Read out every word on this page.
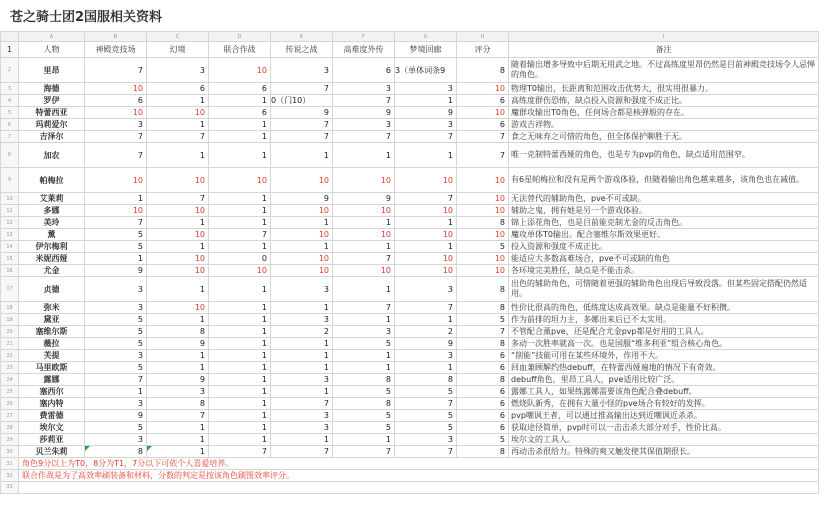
苍之骑士团2国服相关资料
	A	B	C	D	E	F	G	H	I
1	人物	神殿竞技场	幻境	联合作战	传说之战	高难度外传	梦境回廊	评分	备注
2	里昂	7	3	10	3	6	3（单体词条9	8	随着输出增多导致中后期无用武之地。不过高练度里昂仍然是目前神殿竞技场令人忌惮的角色。
3	海德	10	6	6	7	3	3	10	物理T0输出，长距离和范围攻击优势大，很实用很暴力。
4	罗伊	6	1	1	0（门10）	7	1	6	高练度群伤恐怖，缺点投入资源和强度不成正比。
5	特蕾西亚	10	10	6	9	9	9	10	魔群攻输出T0角色，任何场合都是核弹般的存在。
6	玛莉爱尔	3	1	1	7	3	3	6	游戏吉祥物。
7	吉泽尔	7	7	1	7	7	7	7	食之无味弃之可惜的角色，但全体保护聊胜于无。
8	加农	7	1	1	1	1	1	7	唯一克制特蕾西娅的角色，也是专为pvp的角色，缺点适用范围窄。
9	帕梅拉	10	10	10	10	10	10	10	有6星帕梅拉和没有是两个游戏体验，但随着输出角色越来越多，该角色也在减值。
10	艾莱莉	1	7	1	9	9	7	10	无法替代的辅助角色，pve不可或缺。
11	多娜	10	10	1	10	10	10	10	辅助之鬼，拥有她是另一个游戏体验。
12	美玲	7	1	1	1	1	1	8	锦上添花角色，也是目前能克制尤金的反击角色。
13	薰	5	10	7	10	10	10	10	魔攻单体T0输出。配合塞维尔斯效果更好。
14	伊尔梅利	5	1	1	1	1	1	5	投入资源和强度不成正比。
15	米妮西娅	1	10	0	10	7	10	10	能适应大多数高难场合，pve不可或缺的角色
16	尤金	9	10	10	10	10	10	10	各环境完美胜任，缺点是不能击杀。
17	贞德	3	1	1	3	1	3	8	出色的辅助角色，可惜随着更强的辅助角色出现后导致没落。但某些固定搭配仍然适用。
18	弥米	3	10	1	1	7	7	8	性价比很高的角色，低练度达成高效果。缺点是能量不好积攒。
19	黛亚	5	1	1	3	1	1	5	作为前排的坦力主，多娜出来后已不太实用。
20	塞维尔斯	5	8	1	2	3	2	7	不管配合薰pve，还是配合尤金pvp都是好用的工具人。
21	薇拉	5	9	1	1	5	9	8	多动一次胜率就高一次。也是国服“维多利亚”组合核心角色。
22	芙提	3	1	1	1	1	3	6	“削能”技能可用在某些环境外，作用不大。
23	马里欧斯	5	1	1	1	1	1	6	回血兼顾解约热debuff，在特蕾西娅遍地的情况下有奇效。
24	露娜	7	9	1	3	8	8	8	debuff角色，里昂工具人，pve适用比较广泛。
25	塞西尔	1	3	1	1	5	5	6	露娜工具人，如果练露娜需要该角色配合叠debuff。
26	塞内特	3	8	1	7	8	7	6	燃烧队新秀，在拥有大量小怪的pve场合有较好的发挥。
27	费雷德	9	7	1	3	5	5	6	pvp嘲讽王者，可以通过推高输出达到近嘲讽近杀杀。
28	埃尔文	5	1	1	3	5	5	6	获取途径简单，pvp时可以一击击杀大部分对手，性价比高。
29	莎莉亚	3	1	1	1	1	3	5	埃尔文的工具人。
30	贝兰朱莉	8	1	7	7	7	7	8	再动击杀很给力。特殊的爽又触发使其保值期很长。
31	角色9分以上为T0，8分为T1，7分以下可依个人喜爱培养。								
32	联合作战是为了高效率刷装备和材料，分数的判定是按该角色刷图效率评分。								
33									
